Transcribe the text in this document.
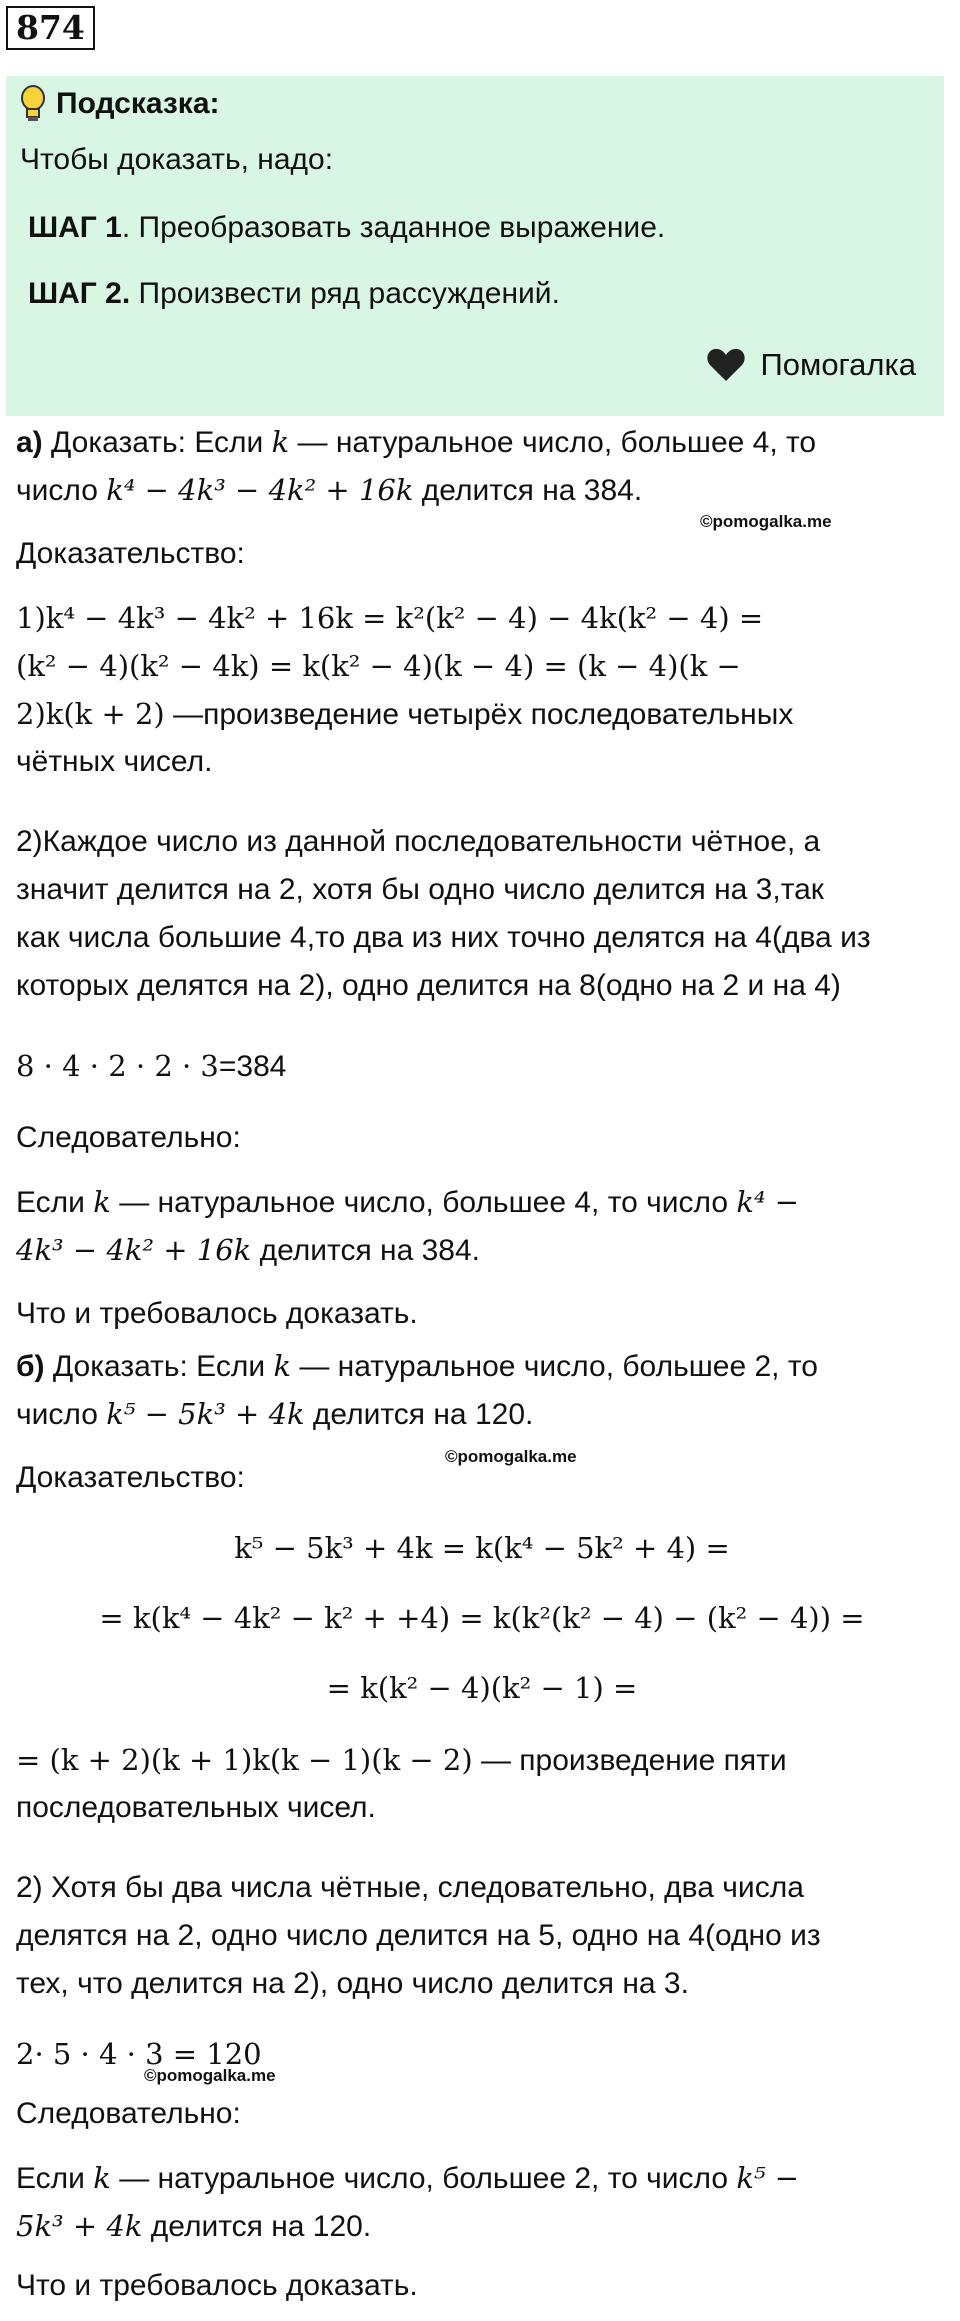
874
Подсказка:
Чтобы доказать, надо:
ШАГ 1. Преобразовать заданное выражение.
ШАГ 2. Произвести ряд рассуждений.
Помогалка
а) Доказать: Если k — натуральное число, большее 4, то
число k⁴ − 4k³ − 4k² + 16k делится на 384.
©pomogalka.me
Доказательство:
1)k⁴ − 4k³ − 4k² + 16k = k²(k² − 4) − 4k(k² − 4) =
(k² − 4)(k² − 4k) = k(k² − 4)(k − 4) = (k − 4)(k −
2)k(k + 2) —произведение четырёх последовательных
чётных чисел.
2)Каждое число из данной последовательности чётное, а
значит делится на 2, хотя бы одно число делится на 3,так
как числа большие 4,то два из них точно делятся на 4(два из
которых делятся на 2), одно делится на 8(одно на 2 и на 4)
8 · 4 · 2 · 2 · 3=384
Следовательно:
Если k — натуральное число, большее 4, то число k⁴ −
4k³ − 4k² + 16k делится на 384.
Что и требовалось доказать.
б) Доказать: Если k — натуральное число, большее 2, то
число k⁵ − 5k³ + 4k делится на 120.
©pomogalka.me
Доказательство:
k⁵ − 5k³ + 4k = k(k⁴ − 5k² + 4) =
= k(k⁴ − 4k² − k² + +4) = k(k²(k² − 4) − (k² − 4)) =
= k(k² − 4)(k² − 1) =
= (k + 2)(k + 1)k(k − 1)(k − 2) — произведение пяти
последовательных чисел.
2) Хотя бы два числа чётные, следовательно, два числа
делятся на 2, одно число делится на 5, одно на 4(одно из
тех, что делится на 2), одно число делится на 3.
2· 5 · 4 · 3 = 120
©pomogalka.me
Следовательно:
Если k — натуральное число, большее 2, то число k⁵ −
5k³ + 4k делится на 120.
Что и требовалось доказать.
